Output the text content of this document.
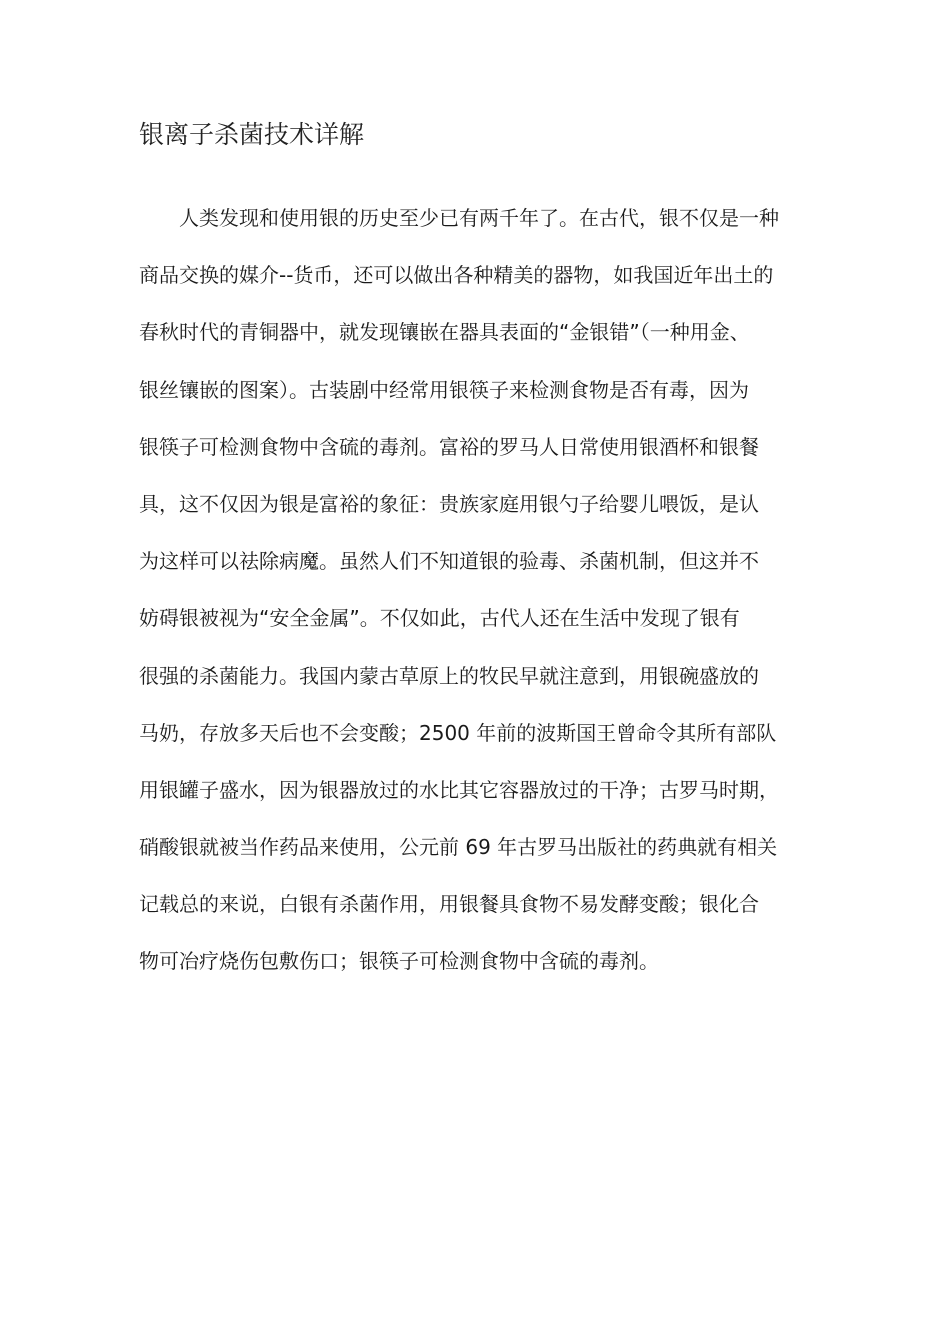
银离子杀菌技术详解
人类发现和使用银的历史至少已有两千年了。在古代，银不仅是一种
商品交换的媒介--货币，还可以做出各种精美的器物，如我国近年出土的
春秋时代的青铜器中，就发现镶嵌在器具表面的“金银错”（一种用金、
银丝镶嵌的图案）。古装剧中经常用银筷子来检测食物是否有毒，因为
银筷子可检测食物中含硫的毒剂。富裕的罗马人日常使用银酒杯和银餐
具，这不仅因为银是富裕的象征：贵族家庭用银勺子给婴儿喂饭，是认
为这样可以祛除病魔。虽然人们不知道银的验毒、杀菌机制，但这并不
妨碍银被视为“安全金属”。不仅如此，古代人还在生活中发现了银有
很强的杀菌能力。我国内蒙古草原上的牧民早就注意到，用银碗盛放的
马奶，存放多天后也不会变酸；2500 年前的波斯国王曾命令其所有部队
用银罐子盛水，因为银器放过的水比其它容器放过的干净；古罗马时期，
硝酸银就被当作药品来使用，公元前 69 年古罗马出版社的药典就有相关
记载总的来说，白银有杀菌作用，用银餐具食物不易发酵变酸；银化合
物可冶疗烧伤包敷伤口；银筷子可检测食物中含硫的毒剂。
